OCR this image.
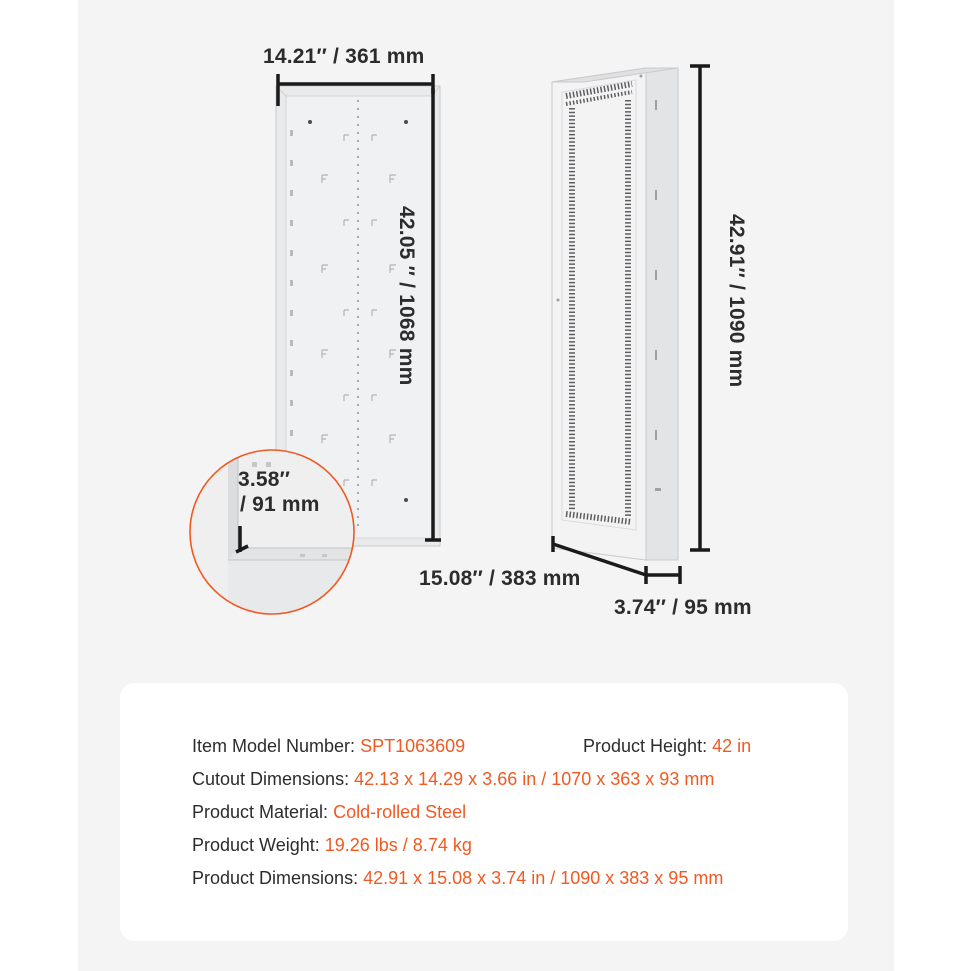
14.21′′ / 361 mm
42.05 ′′ / 1068 mm
3.58′′
/ 91 mm
42.91′′ / 1090 mm
15.08′′ / 383 mm
3.74′′ / 95 mm
Item Model Number: SPT1063609	Product Height: 42 in
Cutout Dimensions: 42.13 x 14.29 x 3.66 in / 1070 x 363 x 93 mm
Product Material: Cold-rolled Steel
Product Weight: 19.26 lbs / 8.74 kg
Product Dimensions: 42.91 x 15.08 x 3.74 in / 1090 x 383 x 95 mm
